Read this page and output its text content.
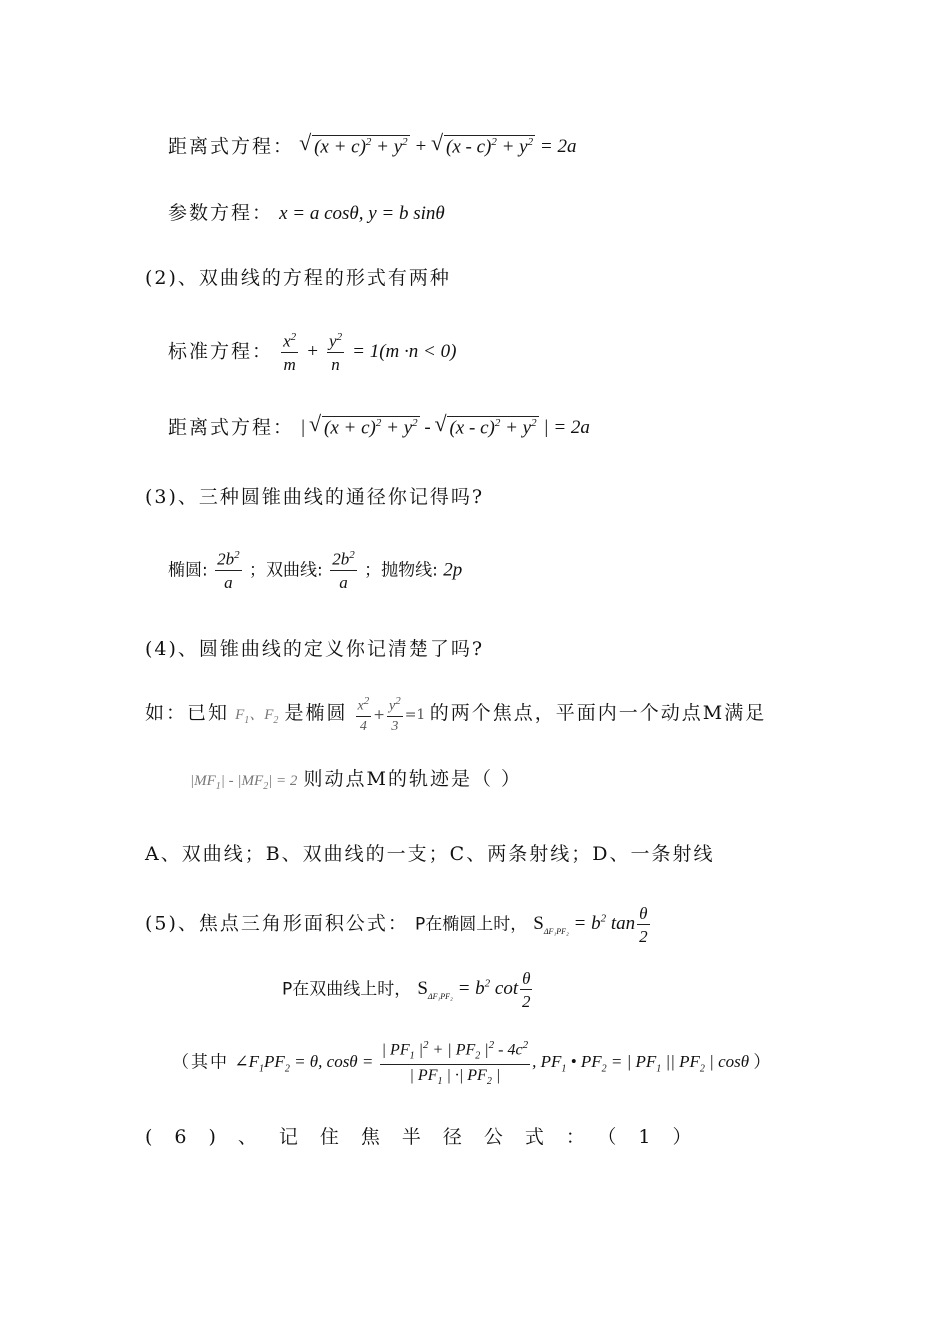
距离式方程： √ $(x + c)^2 + y^2$ + √ $(x - c)^2 + y^2 = 2a$
参数方程： x = a cosθ, y = b sinθ
(2)、双曲线的方程的形式有两种
标准方程： $\frac{x^2}{m} + \frac{y^2}{n} = 1(m \cdot n < 0)$
距离式方程： | √ $(x + c)^2 + y^2$ - √ $(x - c)^2 + y^2$ | = 2a
(3)、三种圆锥曲线的通径你记得吗?
椭圆: $\frac{2b^2}{a}$ ；双曲线: $\frac{2b^2}{a}$ ；抛物线: 2p
(4)、圆锥曲线的定义你记清楚了吗?
如：已知 $F_1$、$F_2$ 是椭圆 $\frac{x^2}{4} + \frac{y^2}{3} =1$ 的两个焦点，平面内一个动点M满足
$|MF_1| - |MF_2| = 2$ 则动点M的轨迹是（ ）
A、双曲线；B、双曲线的一支；C、两条射线；D、一条射线
(5)、焦点三角形面积公式： P在椭圆上时， $S_{\Delta F_1PF_2} = b^2$ $\tan \frac{\theta}{2}$
P在双曲线上时， $S_{\Delta F_1PF_2} = b^2$ $\cot \frac{\theta}{2}$
（其中 $\angle F_1PF_2 = \theta$, $\cos\theta = \frac{| PF_1 |^2 + | PF_2 |^2 - 4c^2}{| PF_1 | \cdot| PF_2 |}$ , $PF_1$ • $PF_2$ = | $PF_1$ || $PF_2$ | cosθ ）
(6)、记住焦半径公式：（1）
